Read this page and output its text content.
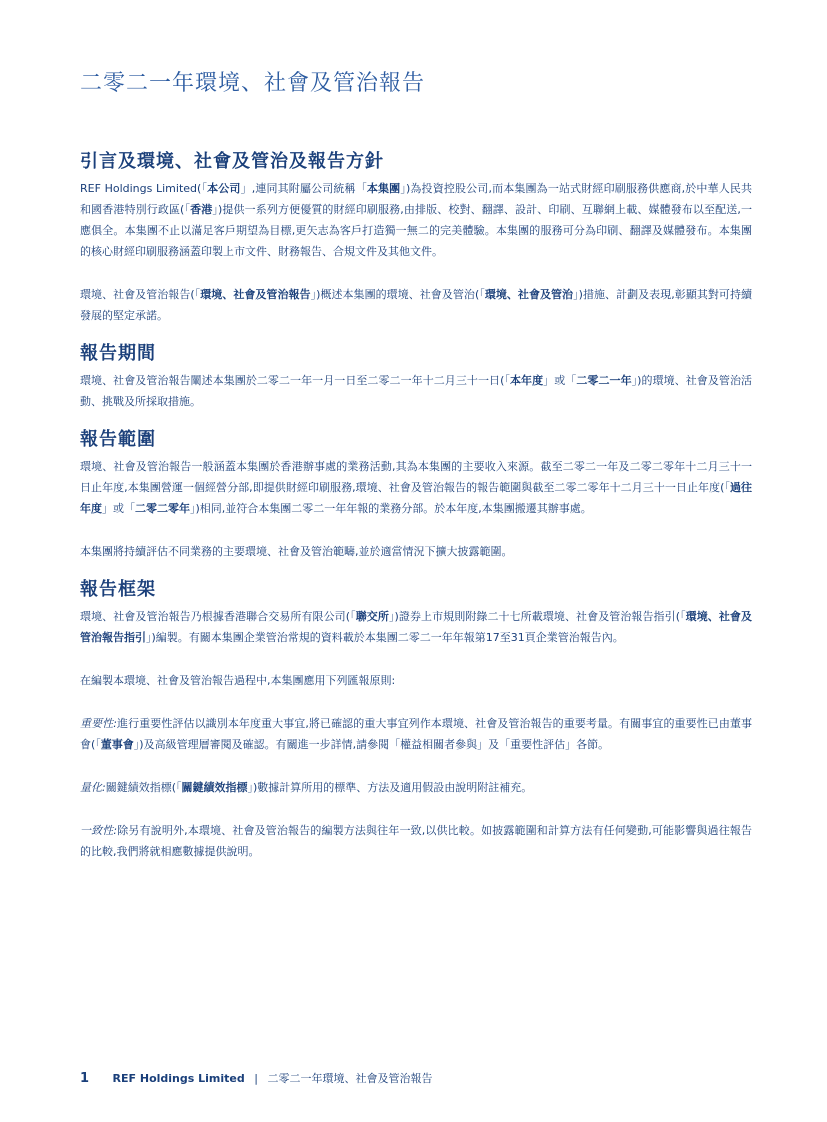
二零二一年環境、社會及管治報告
引言及環境、社會及管治及報告方針

REF Holdings Limited(「本公司」,連同其附屬公司統稱「本集團」)為投資控股公司,而本集團為一站式財經印刷服務供應商,於中華人民共和國香港特別行政區(「香港」)提供一系列方便優質的財經印刷服務,由排版、校對、翻譯、設計、印刷、互聯網上載、媒體發布以至配送,一應俱全。本集團不止以滿足客戶期望為目標,更矢志為客戶打造獨一無二的完美體驗。本集團的服務可分為印刷、翻譯及媒體發布。本集團的核心財經印刷服務涵蓋印製上市文件、財務報告、合規文件及其他文件。

環境、社會及管治報告(「環境、社會及管治報告」)概述本集團的環境、社會及管治(「環境、社會及管治」)措施、計劃及表現,彰顯其對可持續發展的堅定承諾。

報告期間

環境、社會及管治報告闡述本集團於二零二一年一月一日至二零二一年十二月三十一日(「本年度」或「二零二一年」)的環境、社會及管治活動、挑戰及所採取措施。

報告範圍

環境、社會及管治報告一般涵蓋本集團於香港辦事處的業務活動,其為本集團的主要收入來源。截至二零二一年及二零二零年十二月三十一日止年度,本集團營運一個經營分部,即提供財經印刷服務,環境、社會及管治報告的報告範圍與截至二零二零年十二月三十一日止年度(「過往年度」或「二零二零年」)相同,並符合本集團二零二一年年報的業務分部。於本年度,本集團搬遷其辦事處。

本集團將持續評估不同業務的主要環境、社會及管治範疇,並於適當情況下擴大披露範圍。

報告框架

環境、社會及管治報告乃根據香港聯合交易所有限公司(「聯交所」)證券上市規則附錄二十七所載環境、社會及管治報告指引(「環境、社會及管治報告指引」)編製。有關本集團企業管治常規的資料載於本集團二零二一年年報第17至31頁企業管治報告內。

在編製本環境、社會及管治報告過程中,本集團應用下列匯報原則:

重要性:進行重要性評估以識別本年度重大事宜,將已確認的重大事宜列作本環境、社會及管治報告的重要考量。有關事宜的重要性已由董事會(「董事會」)及高級管理層審閱及確認。有關進一步詳情,請參閱「權益相關者參與」及「重要性評估」各節。

量化:關鍵績效指標(「關鍵績效指標」)數據計算所用的標準、方法及適用假設由說明附註補充。

一致性:除另有說明外,本環境、社會及管治報告的編製方法與往年一致,以供比較。如披露範圍和計算方法有任何變動,可能影響與過往報告的比較,我們將就相應數據提供說明。

1 REF Holdings Limited | 二零二一年環境、社會及管治報告
